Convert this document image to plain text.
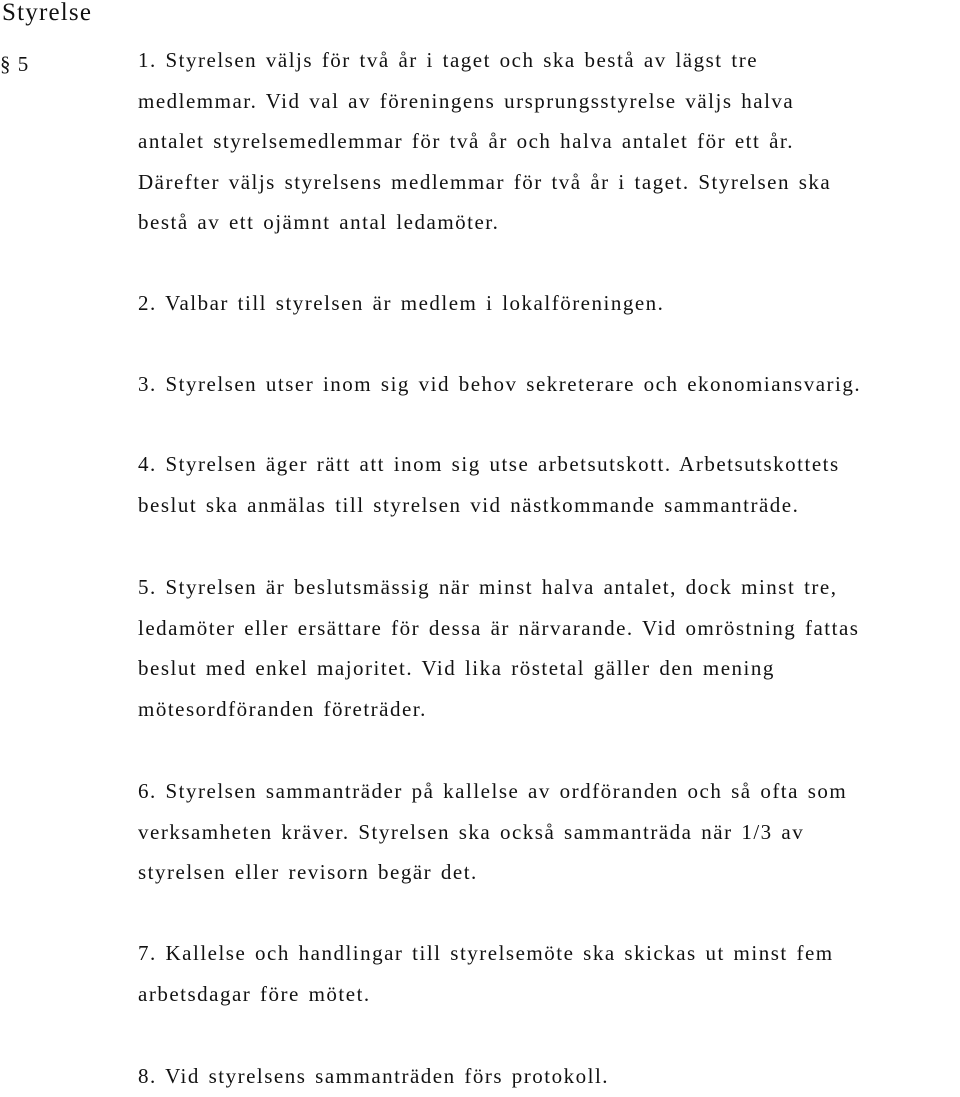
Styrelse
§ 5	1. Styrelsen väljs för två år i taget och ska bestå av lägst tre
medlemmar. Vid val av föreningens ursprungsstyrelse väljs halva
antalet styrelsemedlemmar för två år och halva antalet för ett år.
Därefter väljs styrelsens medlemmar för två år i taget. Styrelsen ska
bestå av ett ojämnt antal ledamöter.
2. Valbar till styrelsen är medlem i lokalföreningen.
3. Styrelsen utser inom sig vid behov sekreterare och ekonomiansvarig.
4. Styrelsen äger rätt att inom sig utse arbetsutskott. Arbetsutskottets
beslut ska anmälas till styrelsen vid nästkommande sammanträde.
5. Styrelsen är beslutsmässig när minst halva antalet, dock minst tre,
ledamöter eller ersättare för dessa är närvarande. Vid omröstning fattas
beslut med enkel majoritet. Vid lika röstetal gäller den mening
mötesordföranden företräder.
6. Styrelsen sammanträder på kallelse av ordföranden och så ofta som
verksamheten kräver. Styrelsen ska också sammanträda när 1/3 av
styrelsen eller revisorn begär det.
7. Kallelse och handlingar till styrelsemöte ska skickas ut minst fem
arbetsdagar före mötet.
8. Vid styrelsens sammanträden förs protokoll.
